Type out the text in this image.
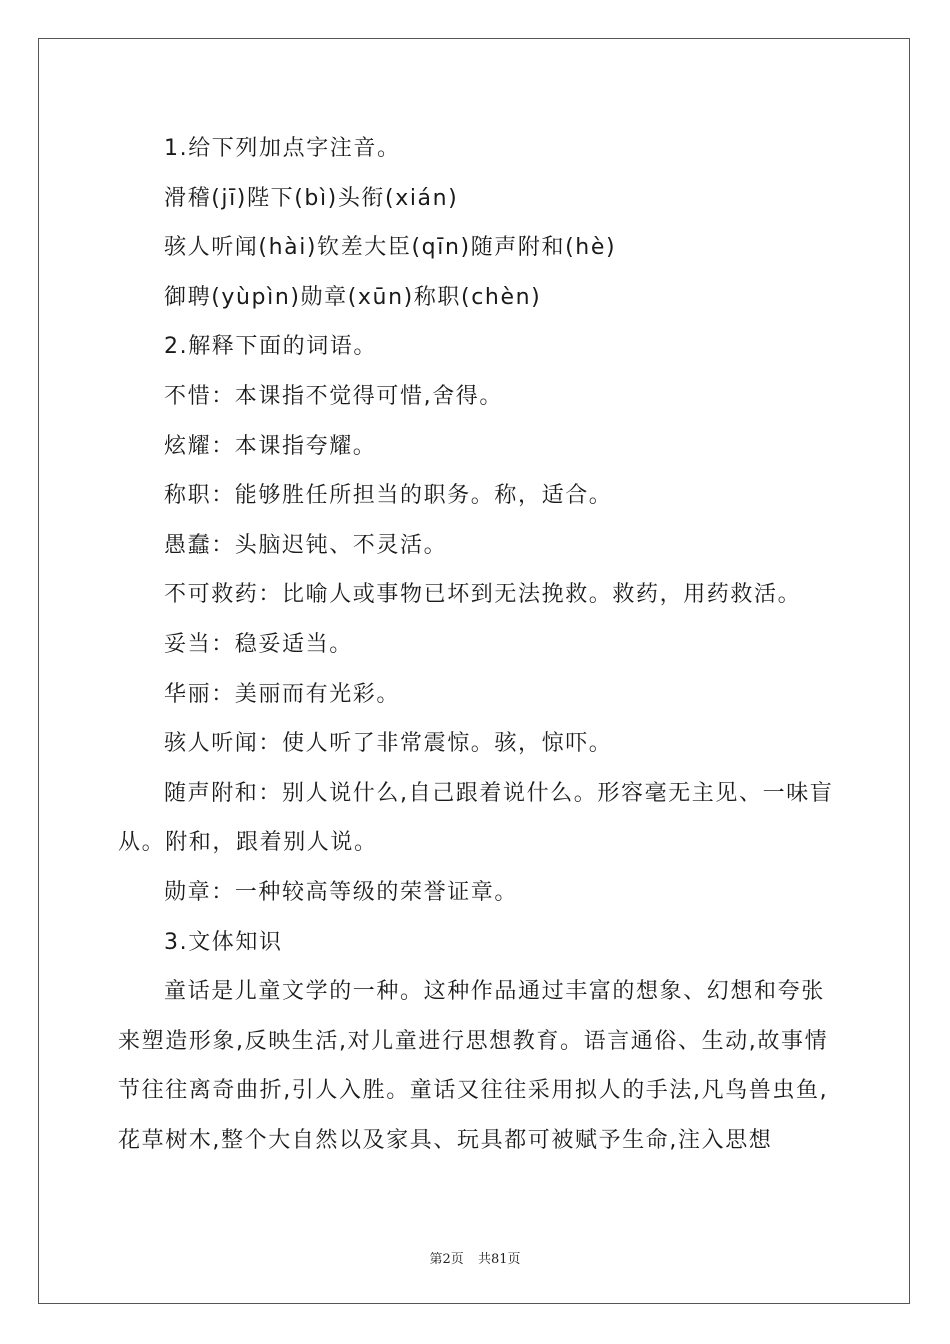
1.给下列加点字注音。

滑稽(jī)陛下(bì)头衔(xián)

骇人听闻(hài)钦差大臣(qīn)随声附和(hè)

御聘(yùpìn)勋章(xūn)称职(chèn)

2.解释下面的词语。

不惜：本课指不觉得可惜,舍得。

炫耀：本课指夸耀。

称职：能够胜任所担当的职务。称，适合。

愚蠢：头脑迟钝、不灵活。

不可救药：比喻人或事物已坏到无法挽救。救药，用药救活。

妥当：稳妥适当。

华丽：美丽而有光彩。

骇人听闻：使人听了非常震惊。骇，惊吓。

随声附和：别人说什么,自己跟着说什么。形容毫无主见、一味盲从。附和，跟着别人说。

勋章：一种较高等级的荣誉证章。

3.文体知识

童话是儿童文学的一种。这种作品通过丰富的想象、幻想和夸张来塑造形象,反映生活,对儿童进行思想教育。语言通俗、生动,故事情节往往离奇曲折,引人入胜。童话又往往采用拟人的手法,凡鸟兽虫鱼,花草树木,整个大自然以及家具、玩具都可被赋予生命,注入思想

第2页 共81页
